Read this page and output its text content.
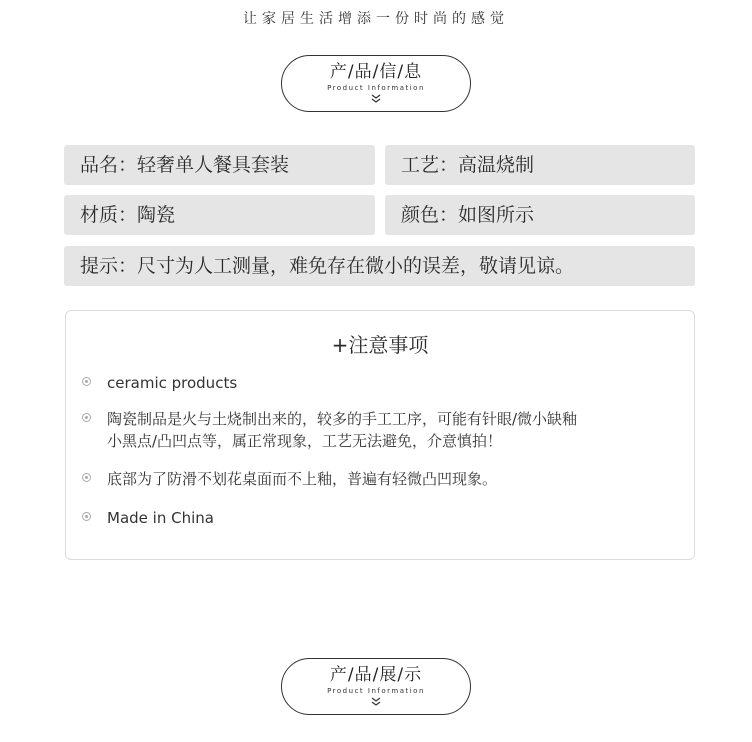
让家居生活增添一份时尚的感觉
产/品/信/息
Product Information
品名：轻奢单人餐具套装	工艺：高温烧制
材质：陶瓷	颜色：如图所示
提示：尺寸为人工测量，难免存在微小的误差，敬请见谅。
+注意事项
ceramic products
陶瓷制品是火与土烧制出来的，较多的手工工序，可能有针眼/微小缺釉
小黑点/凸凹点等，属正常现象，工艺无法避免，介意慎拍！
底部为了防滑不划花桌面而不上釉，普遍有轻微凸凹现象。
Made in China
产/品/展/示
Product Information
